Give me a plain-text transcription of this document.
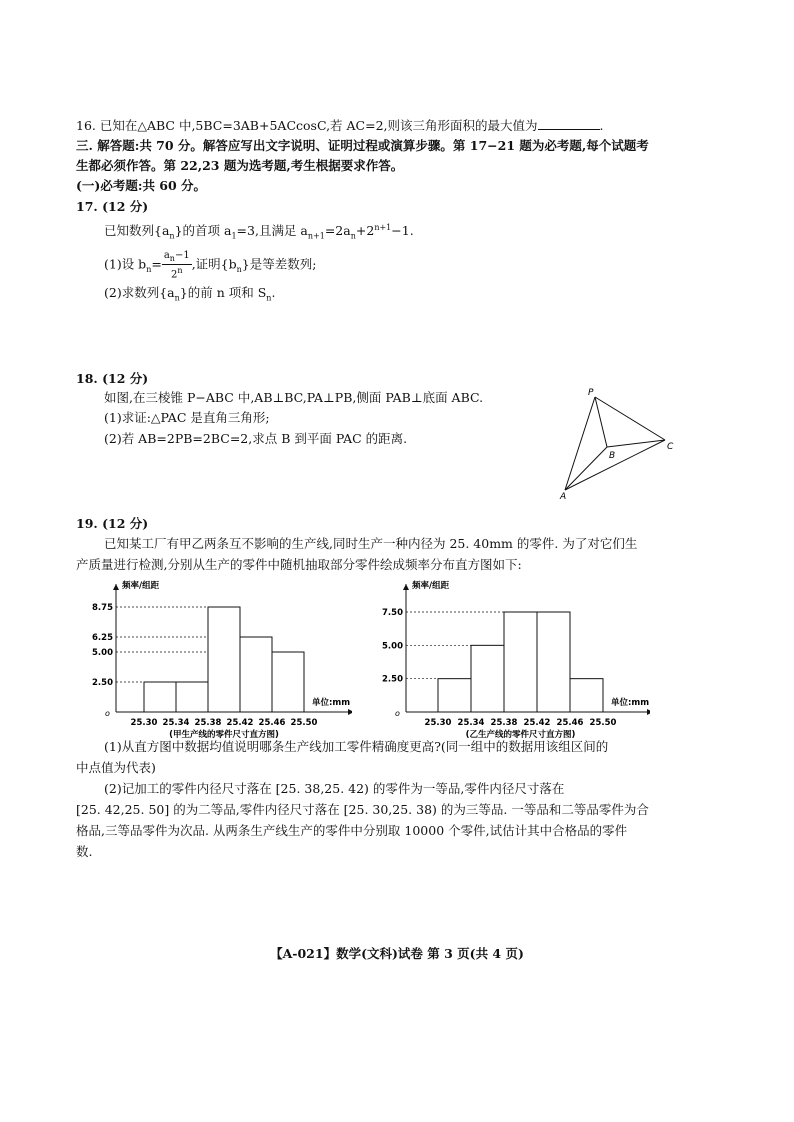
16. 已知在△ABC 中,5BC=3AB+5ACcosC,若 AC=2,则该三角形面积的最大值为	.
三. 解答题:共 70 分。解答应写出文字说明、证明过程或演算步骤。第 17−21 题为必考题,每个试题考
生都必须作答。第 22,23 题为选考题,考生根据要求作答。
(一)必考题:共 60 分。
17. (12 分)
已知数列$\{a_n\}$的首项 $a_1=3$,且满足 $a_{n+1}=2a_n+2^{n+1}-1$.
(1)设 $b_n= \frac{a_n-1}{2^n}$ ,证明$\{b_n\}$是等差数列;
(2)求数列$\{a_n\}$的前 n 项和 $S_n$.
18. (12 分)
如图,在三棱锥 P−ABC 中,AB⊥BC,PA⊥PB,侧面 PAB⊥底面 ABC.
(1)求证:△PAC 是直角三角形;
(2)若 AB=2PB=2BC=2,求点 B 到平面 PAC 的距离.
P
A
B
C
19. (12 分)
已知某工厂有甲乙两条互不影响的生产线,同时生产一种内径为 25. 40mm 的零件. 为了对它们生
产质量进行检测,分别从生产的零件中随机抽取部分零件绘成频率分布直方图如下:
频率/组距
单位:mm
o
2.50
5.00
6.25
8.75
25.30 25.34 25.38 25.42 25.46 25.50
(甲生产线的零件尺寸直方图)
频率/组距
单位:mm
o
2.50
5.00
7.50
25.30 25.34 25.38 25.42 25.46 25.50
(乙生产线的零件尺寸直方图)
(1)从直方图中数据均值说明哪条生产线加工零件精确度更高?(同一组中的数据用该组区间的
中点值为代表)
(2)记加工的零件内径尺寸落在 [25. 38,25. 42) 的零件为一等品,零件内径尺寸落在
[25. 42,25. 50] 的为二等品,零件内径尺寸落在 [25. 30,25. 38) 的为三等品. 一等品和二等品零件为合
格品,三等品零件为次品. 从两条生产线生产的零件中分别取 10000 个零件,试估计其中合格品的零件
数.
【A-021】数学(文科)试卷 第 3 页(共 4 页)
